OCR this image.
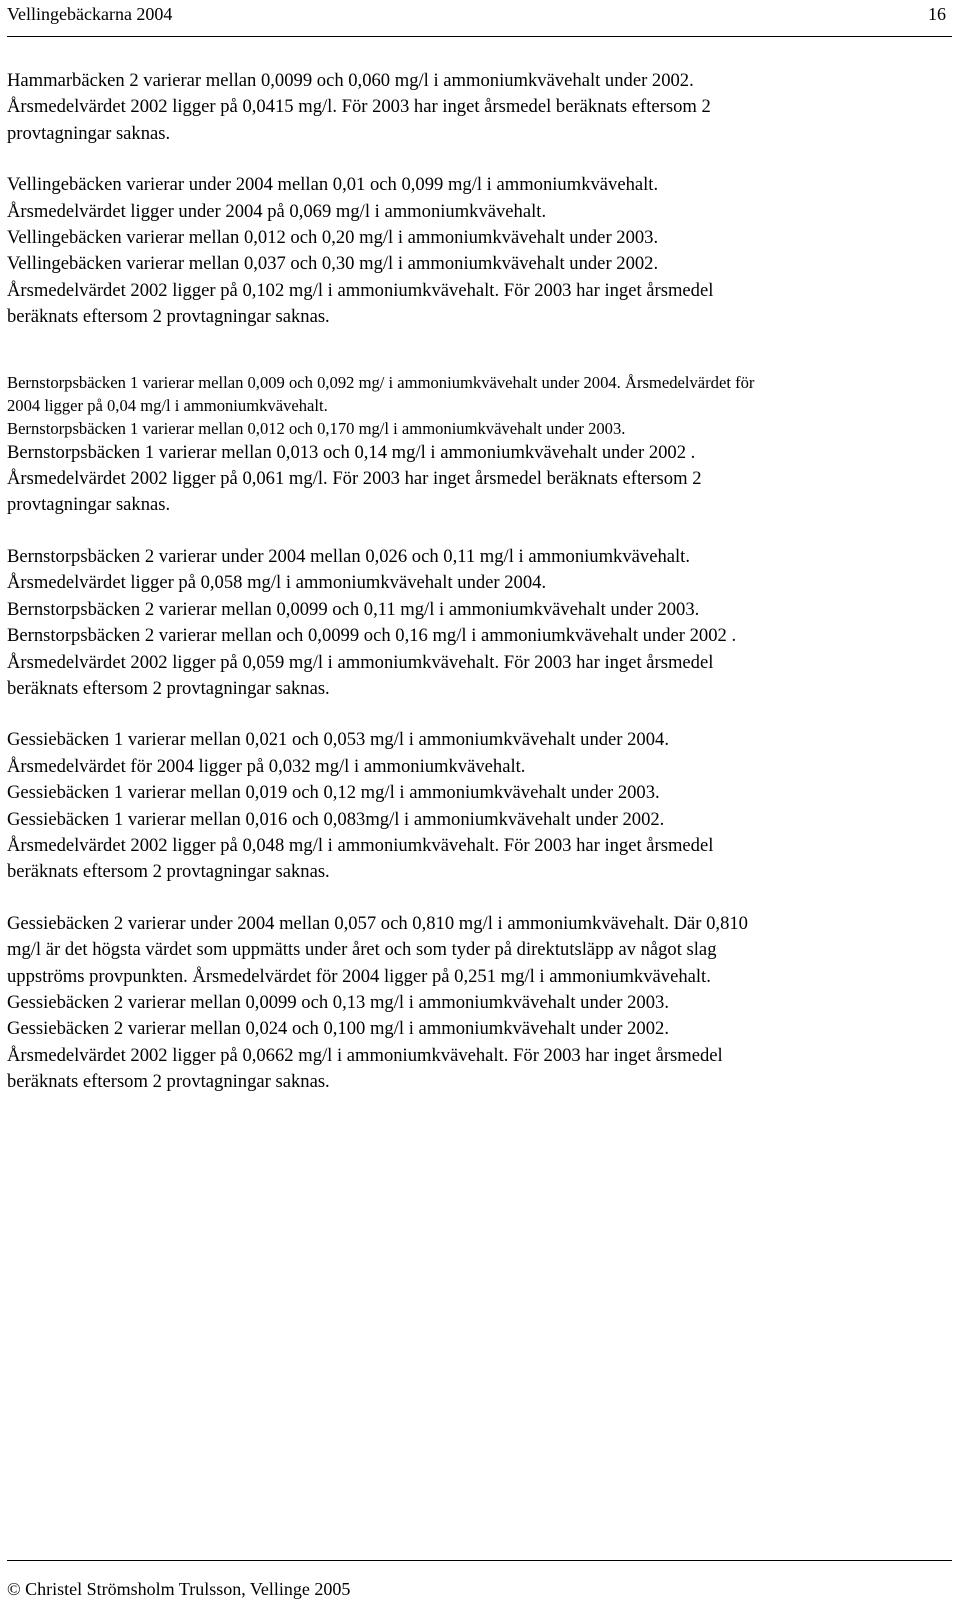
Vellingebäckarna 2004	16

Hammarbäcken 2 varierar mellan 0,0099 och 0,060 mg/l i ammoniumkvävehalt under 2002.
Årsmedelvärdet 2002 ligger på 0,0415 mg/l. För 2003 har inget årsmedel beräknats eftersom 2
provtagningar saknas.

Vellingebäcken varierar under 2004 mellan 0,01 och 0,099 mg/l i ammoniumkvävehalt.
Årsmedelvärdet ligger under 2004 på 0,069 mg/l i ammoniumkvävehalt.
Vellingebäcken varierar mellan 0,012 och 0,20 mg/l i ammoniumkvävehalt under 2003.
Vellingebäcken varierar mellan 0,037 och 0,30 mg/l i ammoniumkvävehalt under 2002.
Årsmedelvärdet 2002 ligger på 0,102 mg/l i ammoniumkvävehalt. För 2003 har inget årsmedel
beräknats eftersom 2 provtagningar saknas.

Bernstorpsbäcken 1 varierar mellan 0,009 och 0,092 mg/ i ammoniumkvävehalt under 2004. Årsmedelvärdet för
2004 ligger på 0,04 mg/l i ammoniumkvävehalt.
Bernstorpsbäcken 1 varierar mellan 0,012 och 0,170 mg/l i ammoniumkvävehalt under 2003.
Bernstorpsbäcken 1 varierar mellan 0,013 och 0,14 mg/l i ammoniumkvävehalt under 2002 .
Årsmedelvärdet 2002 ligger på 0,061 mg/l. För 2003 har inget årsmedel beräknats eftersom 2
provtagningar saknas.

Bernstorpsbäcken 2 varierar under 2004 mellan 0,026 och 0,11 mg/l i ammoniumkvävehalt.
Årsmedelvärdet ligger på 0,058 mg/l i ammoniumkvävehalt under 2004.
Bernstorpsbäcken 2 varierar mellan 0,0099 och 0,11 mg/l i ammoniumkvävehalt under 2003.
Bernstorpsbäcken 2 varierar mellan och 0,0099 och 0,16 mg/l i ammoniumkvävehalt under 2002 .
Årsmedelvärdet 2002 ligger på 0,059 mg/l i ammoniumkvävehalt. För 2003 har inget årsmedel
beräknats eftersom 2 provtagningar saknas.

Gessiebäcken 1 varierar mellan 0,021 och 0,053 mg/l i ammoniumkvävehalt under 2004.
Årsmedelvärdet för 2004 ligger på 0,032 mg/l i ammoniumkvävehalt.
Gessiebäcken 1 varierar mellan 0,019 och 0,12 mg/l i ammoniumkvävehalt under 2003.
Gessiebäcken 1 varierar mellan 0,016 och 0,083mg/l i ammoniumkvävehalt under 2002.
Årsmedelvärdet 2002 ligger på 0,048 mg/l i ammoniumkvävehalt. För 2003 har inget årsmedel
beräknats eftersom 2 provtagningar saknas.

Gessiebäcken 2 varierar under 2004 mellan 0,057 och 0,810 mg/l i ammoniumkvävehalt. Där 0,810
mg/l är det högsta värdet som uppmätts under året och som tyder på direktutsläpp av något slag
uppströms provpunkten. Årsmedelvärdet för 2004 ligger på 0,251 mg/l i ammoniumkvävehalt.
Gessiebäcken 2 varierar mellan 0,0099 och 0,13 mg/l i ammoniumkvävehalt under 2003.
Gessiebäcken 2 varierar mellan 0,024 och 0,100 mg/l i ammoniumkvävehalt under 2002.
Årsmedelvärdet 2002 ligger på 0,0662 mg/l i ammoniumkvävehalt. För 2003 har inget årsmedel
beräknats eftersom 2 provtagningar saknas.

© Christel Strömsholm Trulsson, Vellinge 2005
